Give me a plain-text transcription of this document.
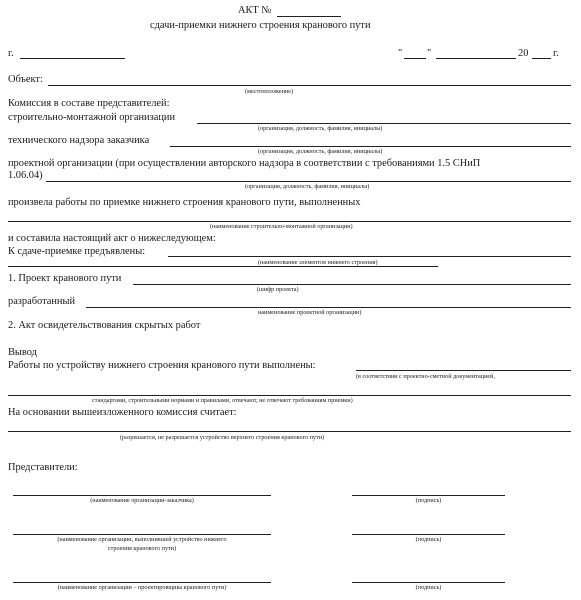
АКТ №
сдачи-приемки нижнего строения кранового пути
г.	" "	20 г.
Объект:
(местоположение)
Комиссия в составе представителей:
строительно-монтажной организации
(организация, должность, фамилия, инициалы)
технического надзора заказчика
(организация, должность, фамилия, инициалы)
проектной организации (при осуществлении авторского надзора в соответствии с требованиями 1.5 СНиП
1.06.04)
(организация, должность, фамилия, инициалы)
произвела работы по приемке нижнего строения кранового пути, выполненных
(наименование строительно-монтажной организации)
и составила настоящий акт о нижеследующем:
К сдаче-приемке предъявлены:
(наименование элементов нижнего строения)
1. Проект кранового пути
(шифр проекта)
разработанный
наименование проектной организации)
2. Акт освидетельствования скрытых работ
Вывод
Работы по устройству нижнего строения кранового пути выполнены:
(в соответствии с проектно-сметной документацией,
стандартами, строительными нормами и правилами, отвечают, не отвечают требованиям приемки)
На основании вышеизложенного комиссия считает:
(разрешается, не разрешается устройство верхнего строения кранового пути)
Представители:
(наименование организации-заказчика)	(подпись)
(наименование организации, выполнившей устройство нижнего
строения кранового пути)
(подпись)
(наименование организации – проектировщика кранового пути)	(подпись)
